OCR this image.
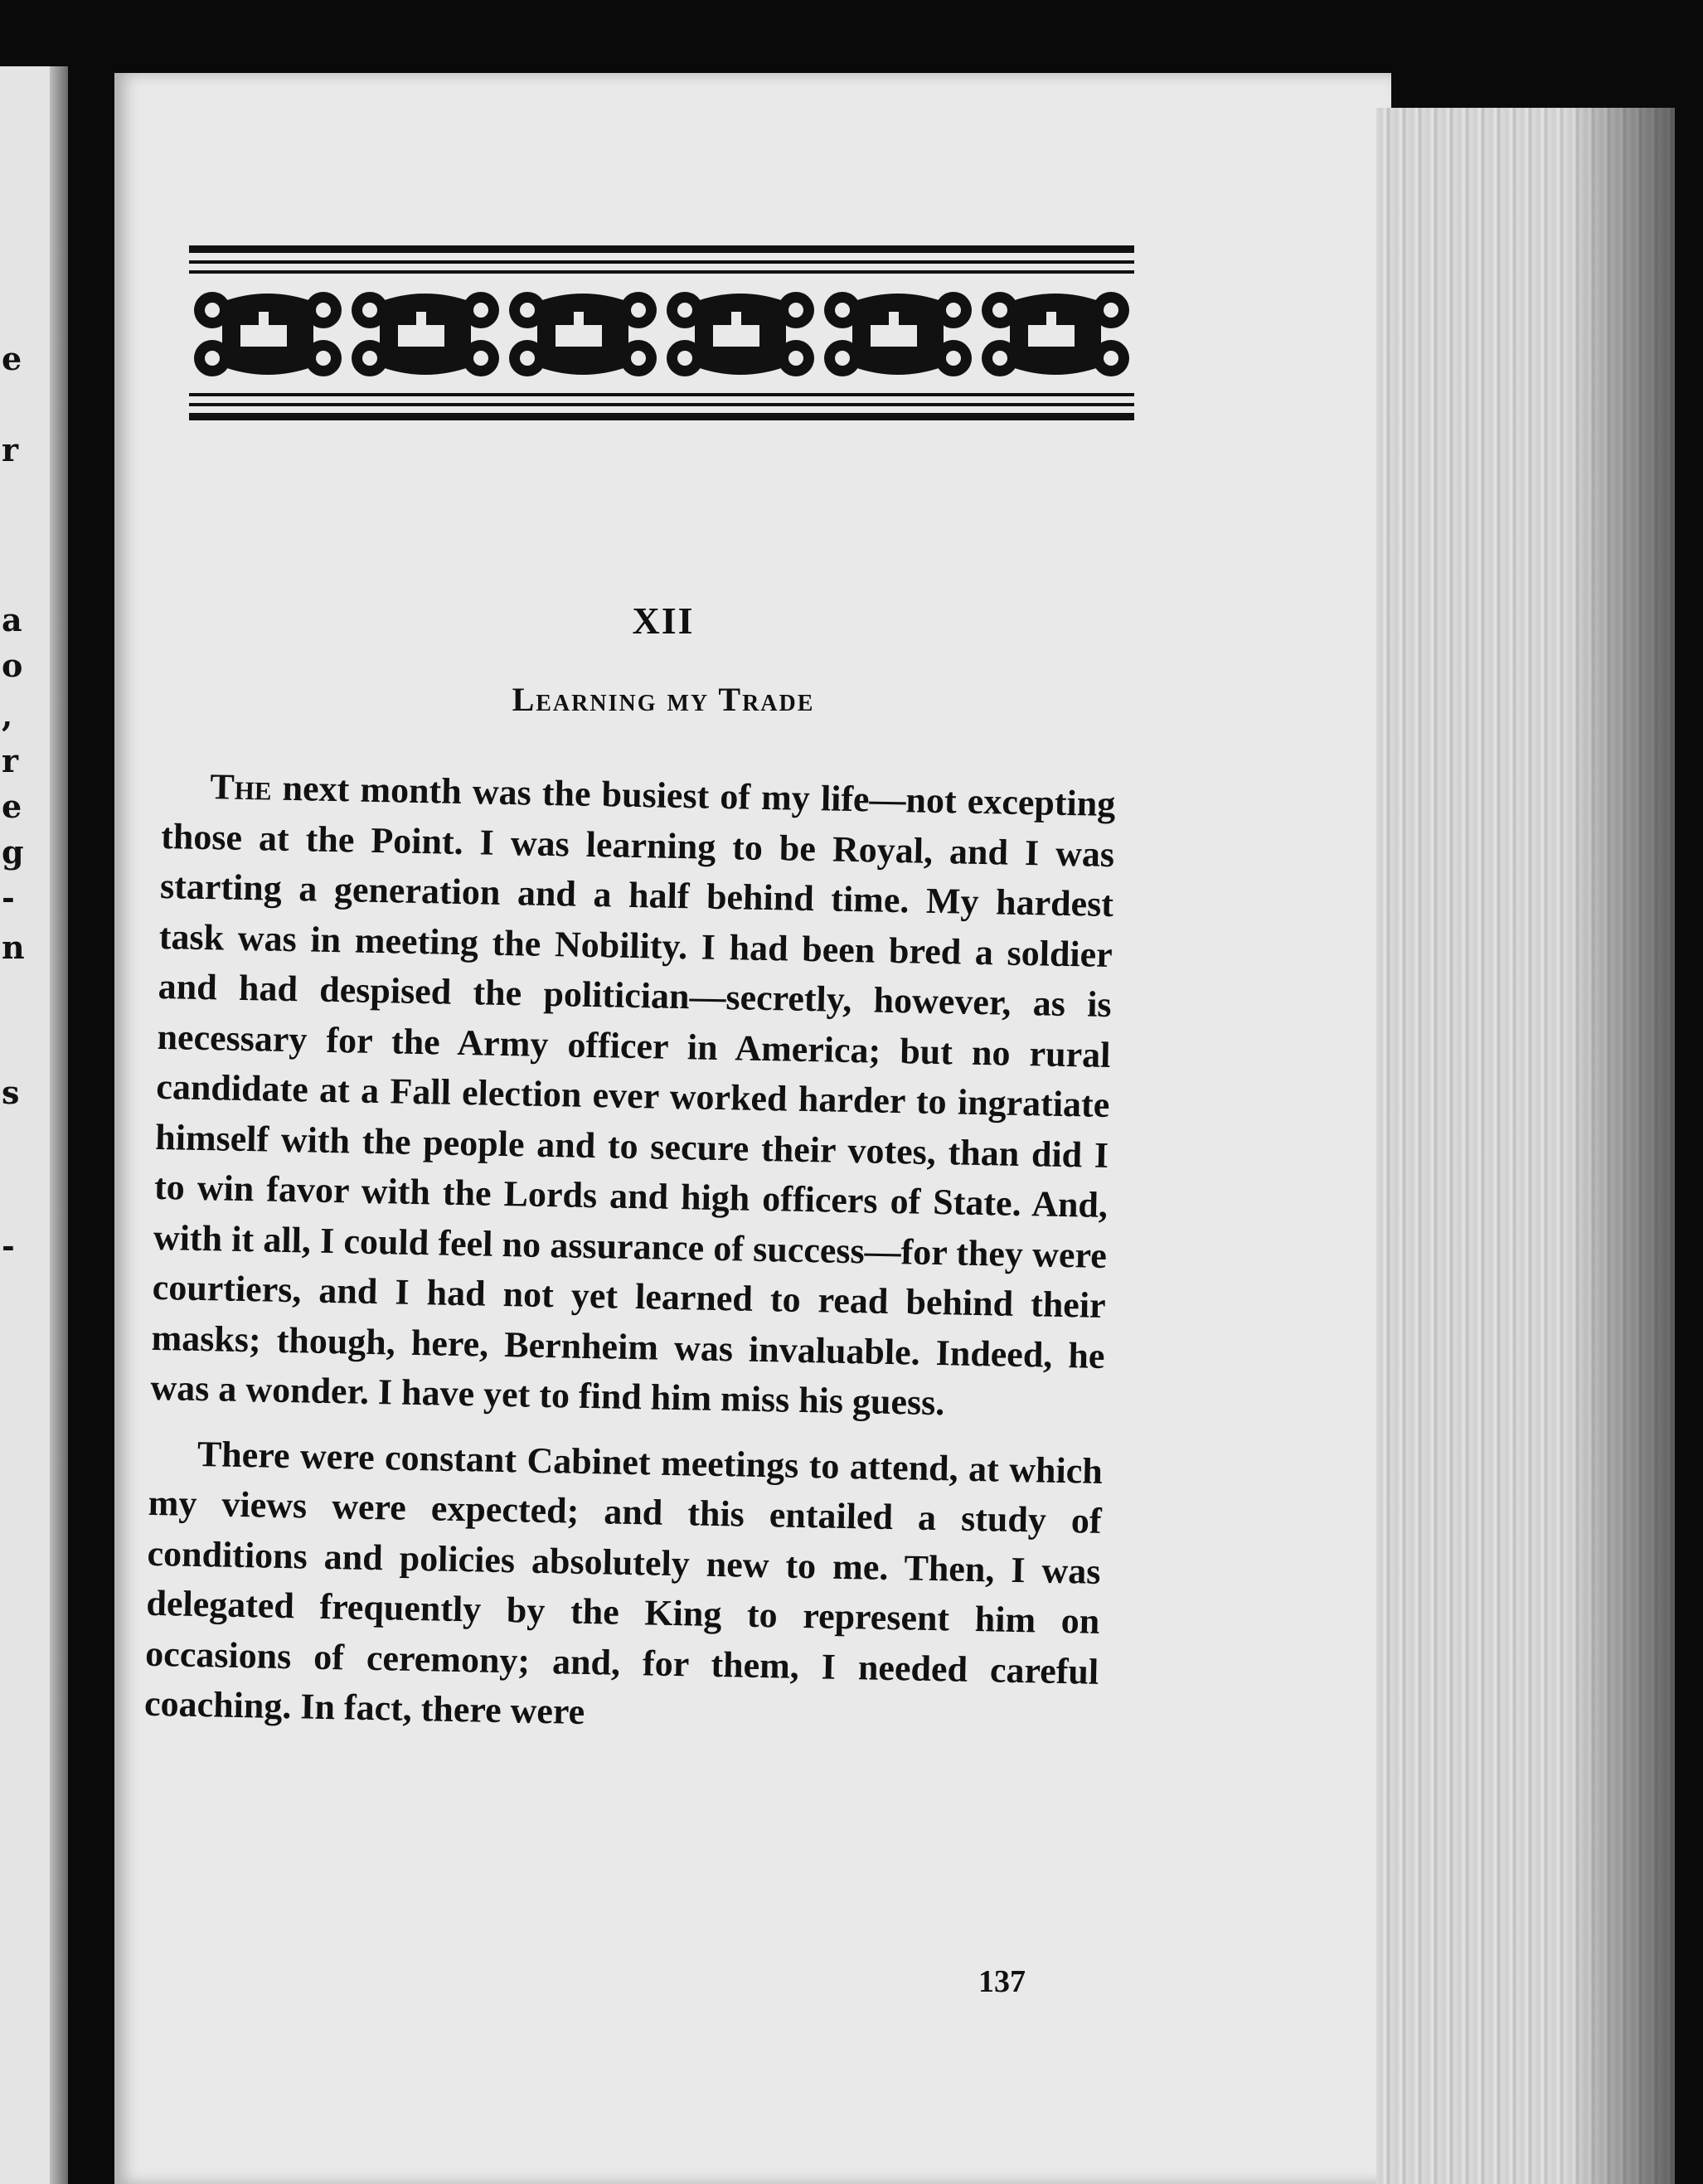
e
r
a
o
,
r
e
g
-
n
s
-
XII
Learning my Trade

The next month was the busiest of my life—not excepting those at the Point. I was learning to be Royal, and I was starting a generation and a half behind time. My hardest task was in meeting the Nobility. I had been bred a soldier and had despised the politician—secretly, however, as is necessary for the Army officer in America; but no rural candidate at a Fall election ever worked harder to ingratiate himself with the people and to secure their votes, than did I to win favor with the Lords and high officers of State. And, with it all, I could feel no assurance of success—for they were courtiers, and I had not yet learned to read behind their masks; though, here, Bernheim was invaluable. Indeed, he was a wonder. I have yet to find him miss his guess.

There were constant Cabinet meetings to attend, at which my views were expected; and this entailed a study of conditions and policies absolutely new to me. Then, I was delegated frequently by the King to represent him on occasions of ceremony; and, for them, I needed careful coaching. In fact, there were

137
